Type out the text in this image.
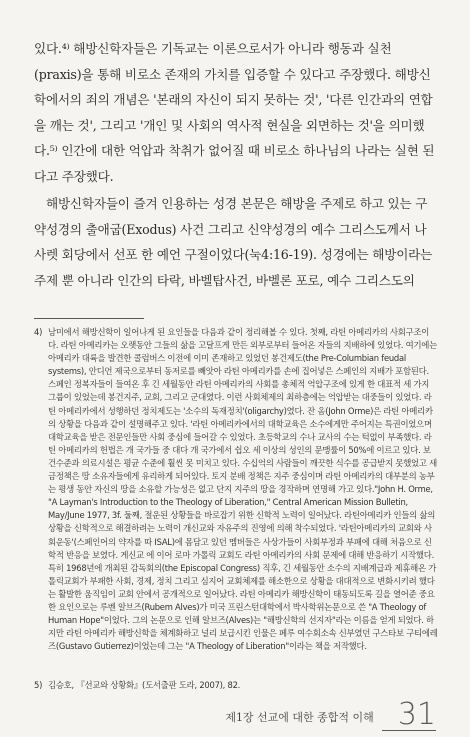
있다.⁴⁾ 해방신학자들은 기독교는 이론으로서가 아니라 행동과 실천(praxis)을 통해 비로소 존재의 가치를 입증할 수 있다고 주장했다. 해방신학에서의 죄의 개념은 '본래의 자신이 되지 못하는 것', '다른 인간과의 연합을 깨는 것', 그리고 '개인 및 사회의 역사적 현실을 외면하는 것'을 의미했다.⁵⁾ 인간에 대한 억압과 착취가 없어질 때 비로소 하나님의 나라는 실현 된다고 주장했다.
해방신학자들이 즐겨 인용하는 성경 본문은 해방을 주제로 하고 있는 구약성경의 출애굽(Exodus) 사건 그리고 신약성경의 예수 그리스도께서 나사렛 회당에서 선포 한 예언 구절이었다(눅4:16-19). 성경에는 해방이라는 주제 뿐 아니라 인간의 타락, 바벨탑사건, 바벨론 포로, 예수 그리스도의
4) 남미에서 해방신학이 일어나게 된 요인들을 다음과 같이 정리해볼 수 있다. 첫째, 라틴 아메리카의 사회구조이다. 라틴 아메리카는 오랫동안 그들의 삶을 고달프게 만든 외부로부터 들어온 자들의 지배하에 있었다. 여기에는 아메리카 대륙을 발견한 콜럼버스 이전에 이미 존재하고 있었던 봉건제도(the Pre-Columbian feudal systems), 안디언 제국으로부터 동저로를 빼앗아 라틴 아메리카를 손에 집어넣은 스페인의 지배가 포함된다. 스페인 정복자들이 들여온 후 긴 세월동안 라틴 아메리카의 사회를 총체적 억압구조에 있게 한 대표적 세 가지 그룹이 있었는데 봉건지주, 교회, 그리고 군대였다. 이런 사회체제의 최하층에는 억압받는 대중들이 있었다. 라틴 아메리카에서 성행하던 정치제도는 '소수의 독재정치'(oligarchy)였다. 잔 옴(John Orme)은 라틴 아메리카의 상황을 다음과 같이 설명해주고 있다. '라틴 아메리카에서의 대학교육은 소수에게만 주어지는 특권이었으며 대학교육을 받은 전문인들만 사회 중심에 들어갈 수 있었다. 초등학교의 수나 교사의 수는 턱없이 부족했다. 라틴 아메리카의 헌법은 개 국가들 중 대다 개 국가에서 쉽오 세 이상의 성인의 문맹률이 50%에 이르고 있다. 보건수준과 의료시설은 평균 수준에 훨씬 못 미치고 있다. 수십억의 사람들이 깨끗한 식수를 공급받지 못했었고 새금정책은 땅 소유자들에게 유리하게 되어있다. 토지 분배 정책은 지주 중심이며 라틴 아메리카의 대부분의 농부는 평생 동안 자신의 땅을 소유할 가능성은 없고 단지 지주의 땅을 경작하며 연명해 가고 있다."John H. Orme, "A Layman's Introduction to the Theology of Liberation," Central American Mission Bulletin, May/June 1977, 3f. 둘째, 절운된 상황들을 바로잡기 위한 신학적 노력이 일어났다. 라틴아메리카 인들의 삶의 상황을 신학적으로 해결하려는 노력이 개신교와 자유주의 진영에 의해 착수되었다. '라틴아메리카의 교회와 사회운동'(스페인어의 약자를 따 ISAL)에 몸담고 있던 멤버들은 사상가들이 사회부정과 부패에 대해 처음으로 신학적 반응을 보였다. 게신교 에 이어 로마 가톨릭 교회도 라틴 아메리카의 사회 문제에 대해 반응하기 시작했다. 특히 1968년에 개최된 감독회의(the Episcopal Congress) 직후, 긴 세월동안 소수의 지배계급과 제휴해온 가톨릭교회가 부패한 사회, 경제, 정치 그리고 심지어 교회체제를 해소한으로 상황을 대대적으로 변화시키려 했다는 활발한 움직임이 교회 안에서 공개적으로 일어났다. 라틴 아메리카 해방신학이 태동되도록 길을 열어준 중요한 요인으로는 루벤 알브즈(Rubem Alves)가 미국 프린스턴대학에서 박사학위논문으로 쓴 "A Theology of Human Hope"이었다. 그의 논문으로 인해 알브즈(Alves)는 "해방신학의 선지자"라는 이름을 얻게 되었다. 하지만 라틴 아메리카 해방신학을 체계화하고 널리 보급시킨 인물은 페루 여수회소속 신부였던 구스타보 구티에레즈(Gustavo Gutierrez)이었는데 그는 "A Theology of Liberation"이라는 책을 저작했다.
5) 김승호, 『선교와 상황화』(도서출판 도라, 2007), 82.
제1장 선교에 대한 종합적 이해 31
